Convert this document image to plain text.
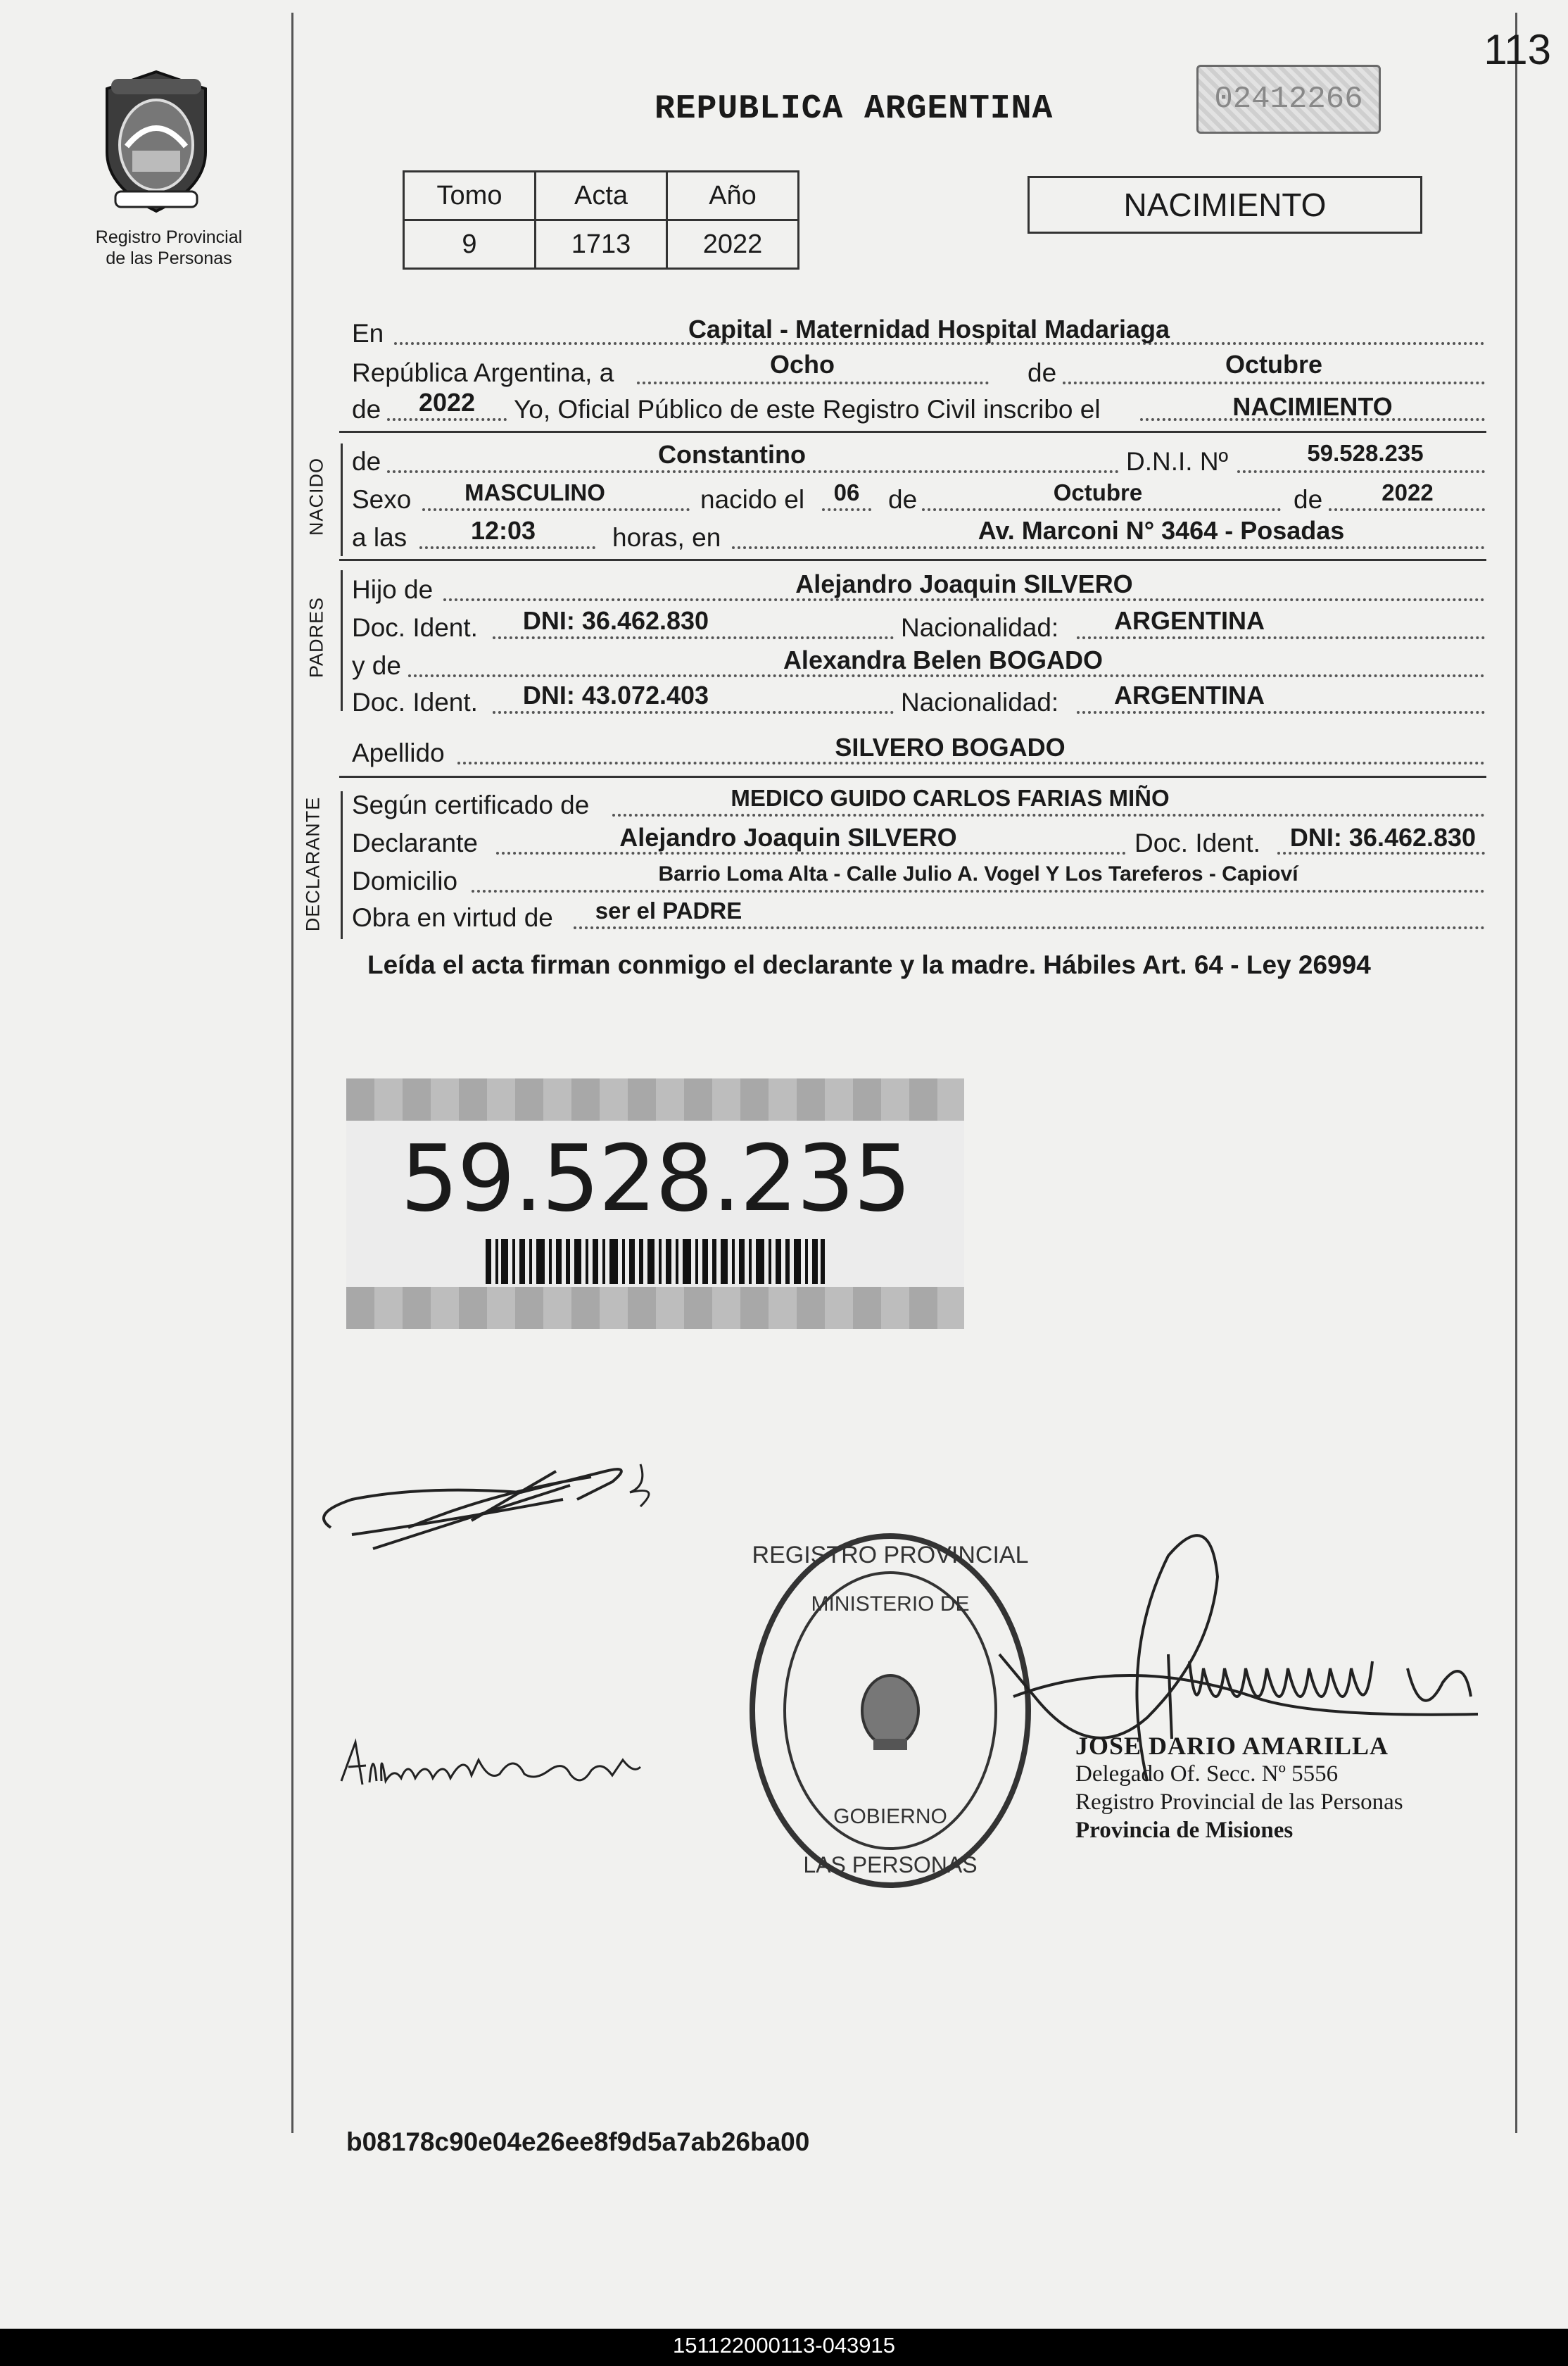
113
Registro Provincial
de las Personas
REPUBLICA ARGENTINA	02412266
Tomo	Acta	Año
9	1713	2022
NACIMIENTO
En	Capital - Maternidad Hospital Madariaga
República Argentina, a	Ocho	de	Octubre
de	2022	Yo, Oficial Público de este Registro Civil inscribo el	NACIMIENTO
NACIDO de	Constantino	D.N.I. Nº	59.528.235
Sexo	MASCULINO	nacido el	06	de	Octubre	de	2022
a las	12:03	horas, en	Av. Marconi N° 3464 - Posadas
PADRES
Hijo de	Alejandro Joaquin SILVERO
Doc. Ident.	DNI: 36.462.830	Nacionalidad:	ARGENTINA
y de	Alexandra Belen BOGADO
Doc. Ident.	DNI: 43.072.403	Nacionalidad:	ARGENTINA
Apellido	SILVERO BOGADO
DECLARANTE Según certificado de	MEDICO GUIDO CARLOS FARIAS MIÑO
Declarante	Alejandro Joaquin SILVERO	Doc. Ident.	DNI: 36.462.830
Domicilio	Barrio Loma Alta - Calle Julio A. Vogel Y Los Tareferos - Capioví
Obra en virtud de	ser el PADRE
Leída el acta firman conmigo el declarante y la madre. Hábiles Art. 64 - Ley 26994
59.528.235
REGISTRO PROVINCIAL
MINISTERIO DE
GOBIERNO
LAS PERSONAS
JOSE DARIO AMARILLA
Delegado Of. Secc. Nº 5556
Registro Provincial de las Personas
Provincia de Misiones
b08178c90e04e26ee8f9d5a7ab26ba00
151122000113-043915
